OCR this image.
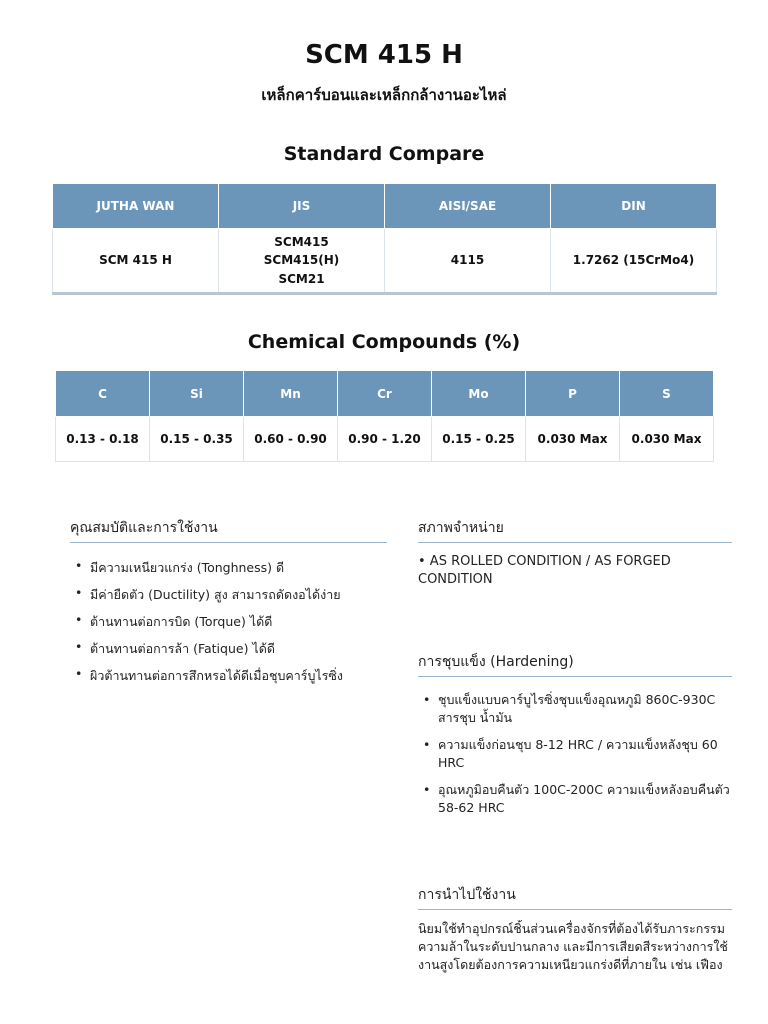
SCM 415 H
เหล็กคาร์บอนและเหล็กกล้างานอะไหล่
Standard Compare
JUTHA WAN	JIS	AISI/SAE	DIN
SCM 415 H	SCM415 SCM415(H) SCM21	4115	1.7262 (15CrMo4)
Chemical Compounds (%)
C	Si	Mn	Cr	Mo	P	S
0.13 - 0.18	0.15 - 0.35	0.60 - 0.90	0.90 - 1.20	0.15 - 0.25	0.030 Max	0.030 Max
คุณสมบัติและการใช้งาน
• มีความเหนียวแกร่ง (Tonghness) ดี
• มีค่ายืดตัว (Ductility) สูง สามารถดัดงอได้ง่าย
• ต้านทานต่อการบิด (Torque) ได้ดี
• ต้านทานต่อการล้า (Fatique) ได้ดี
• ผิวต้านทานต่อการสึกหรอได้ดีเมื่อชุบคาร์บูไรซิ่ง
สภาพจำหน่าย
• AS ROLLED CONDITION / AS FORGED CONDITION
การชุบแข็ง (Hardening)
• ชุบแข็งแบบคาร์บูไรซิ่งชุบแข็งอุณหภูมิ 860C-930C สารชุบ น้ำมัน
• ความแข็งก่อนชุบ 8-12 HRC / ความแข็งหลังชุบ 60 HRC
• อุณหภูมิอบคืนตัว 100C-200C ความแข็งหลังอบคืนตัว 58-62 HRC
การนำไปใช้งาน
นิยมใช้ทำอุปกรณ์ชิ้นส่วนเครื่องจักรที่ต้องได้รับภาระกรรม
ความล้าในระดับปานกลาง และมีการเสียดสีระหว่างการใช้
งานสูงโดยต้องการความเหนียวแกร่งดีที่ภายใน เช่น เฟือง
